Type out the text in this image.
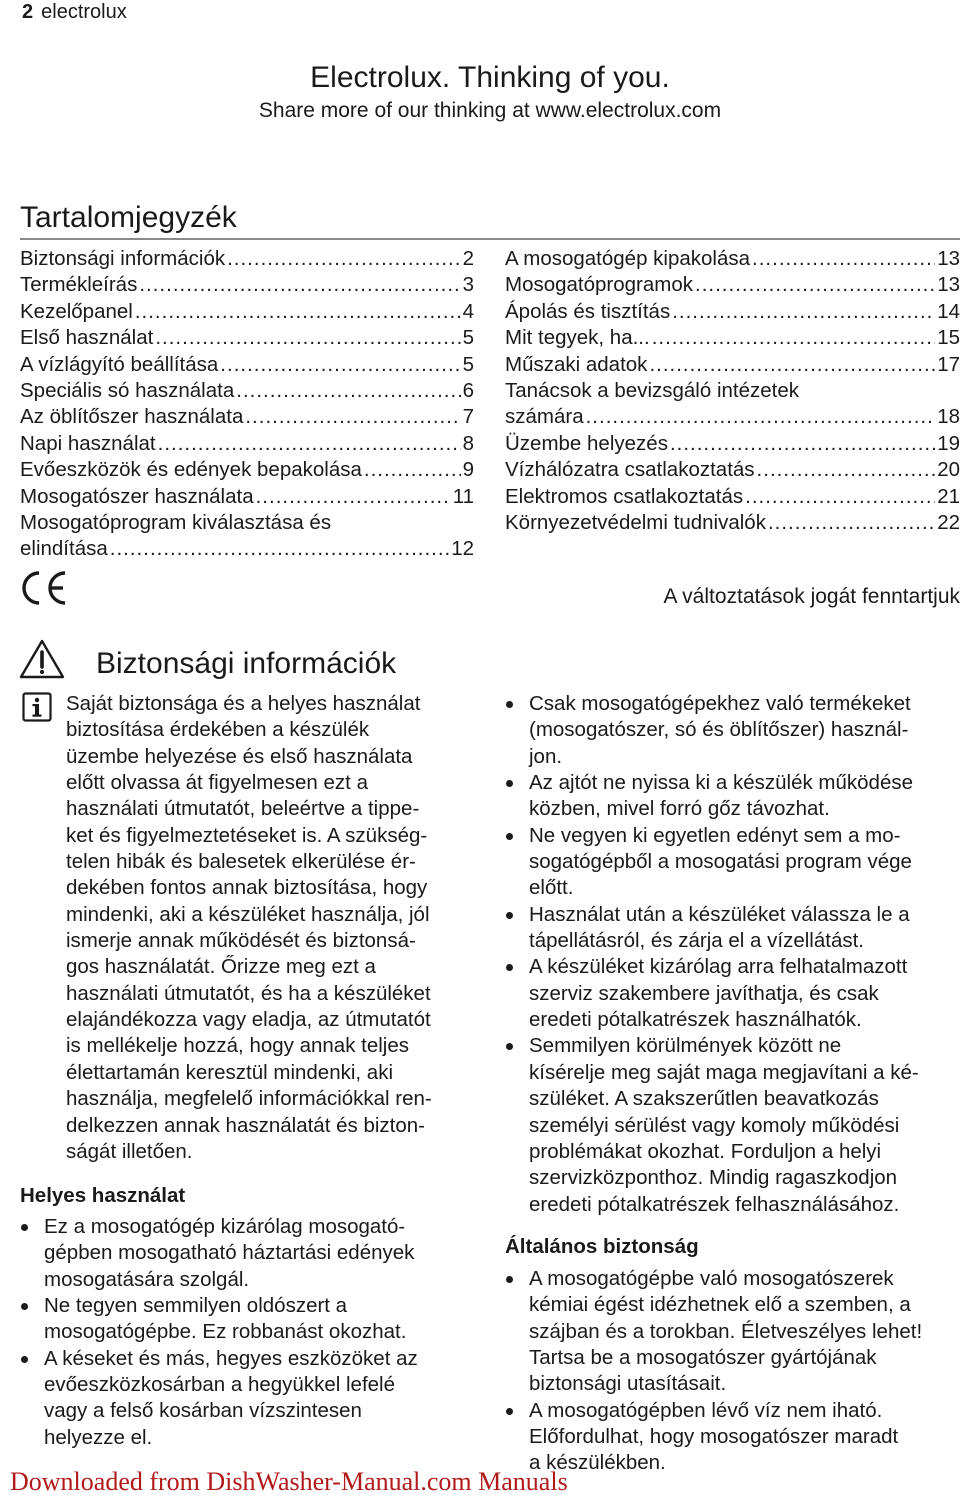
2 electrolux
Electrolux. Thinking of you.
Share more of our thinking at www.electrolux.com
Tartalomjegyzék
Biztonsági információk .....	2
Termékleírás .....	3
Kezelőpanel .....	4
Első használat .....	5
A vízlágyító beállítása .....	5
Speciális só használata .....	6
Az öblítőszer használata .....	7
Napi használat .....	8
Evőeszközök és edények bepakolása .....	9
Mosogatószer használata .....	11
Mosogatóprogram kiválasztása és
elindítása .....	12
A mosogatógép kipakolása .....	13
Mosogatóprogramok .....	13
Ápolás és tisztítás .....	14
Mit tegyek, ha... .....	15
Műszaki adatok .....	17
Tanácsok a bevizsgáló intézetek
számára .....	18
Üzembe helyezés .....	19
Vízhálózatra csatlakoztatás .....	20
Elektromos csatlakoztatás .....	21
Környezetvédelmi tudnivalók .....	22
A változtatások jogát fenntartjuk
Biztonsági információk
Saját biztonsága és a helyes használat
biztosítása érdekében a készülék
üzembe helyezése és első használata
előtt olvassa át figyelmesen ezt a
használati útmutatót, beleértve a tippe-
ket és figyelmeztetéseket is. A szükség-
telen hibák és balesetek elkerülése ér-
dekében fontos annak biztosítása, hogy
mindenki, aki a készüléket használja, jól
ismerje annak működését és biztonsá-
gos használatát. Őrizze meg ezt a
használati útmutatót, és ha a készüléket
elajándékozza vagy eladja, az útmutatót
is mellékelje hozzá, hogy annak teljes
élettartamán keresztül mindenki, aki
használja, megfelelő információkkal ren-
delkezzen annak használatát és bizton-
ságát illetően.
Helyes használat
Ez a mosogatógép kizárólag mosogató-
gépben mosogatható háztartási edények
mosogatására szolgál.
Ne tegyen semmilyen oldószert a
mosogatógépbe. Ez robbanást okozhat.
A késeket és más, hegyes eszközöket az
evőeszközkosárban a hegyükkel lefelé
vagy a felső kosárban vízszintesen
helyezze el.
Csak mosogatógépekhez való termékeket
(mosogatószer, só és öblítőszer) használ-
jon.
Az ajtót ne nyissa ki a készülék működése
közben, mivel forró gőz távozhat.
Ne vegyen ki egyetlen edényt sem a mo-
sogatógépből a mosogatási program vége
előtt.
Használat után a készüléket válassza le a
tápellátásról, és zárja el a vízellátást.
A készüléket kizárólag arra felhatalmazott
szerviz szakembere javíthatja, és csak
eredeti pótalkatrészek használhatók.
Semmilyen körülmények között ne
kísérelje meg saját maga megjavítani a ké-
szüléket. A szakszerűtlen beavatkozás
személyi sérülést vagy komoly működési
problémákat okozhat. Forduljon a helyi
szervizközponthoz. Mindig ragaszkodjon
eredeti pótalkatrészek felhasználásához.
Általános biztonság
A mosogatógépbe való mosogatószerek
kémiai égést idézhetnek elő a szemben, a
szájban és a torokban. Életveszélyes lehet!
Tartsa be a mosogatószer gyártójának
biztonsági utasításait.
A mosogatógépben lévő víz nem iható.
Előfordulhat, hogy mosogatószer maradt
a készülékben.
Downloaded from DishWasher-Manual.com Manuals
